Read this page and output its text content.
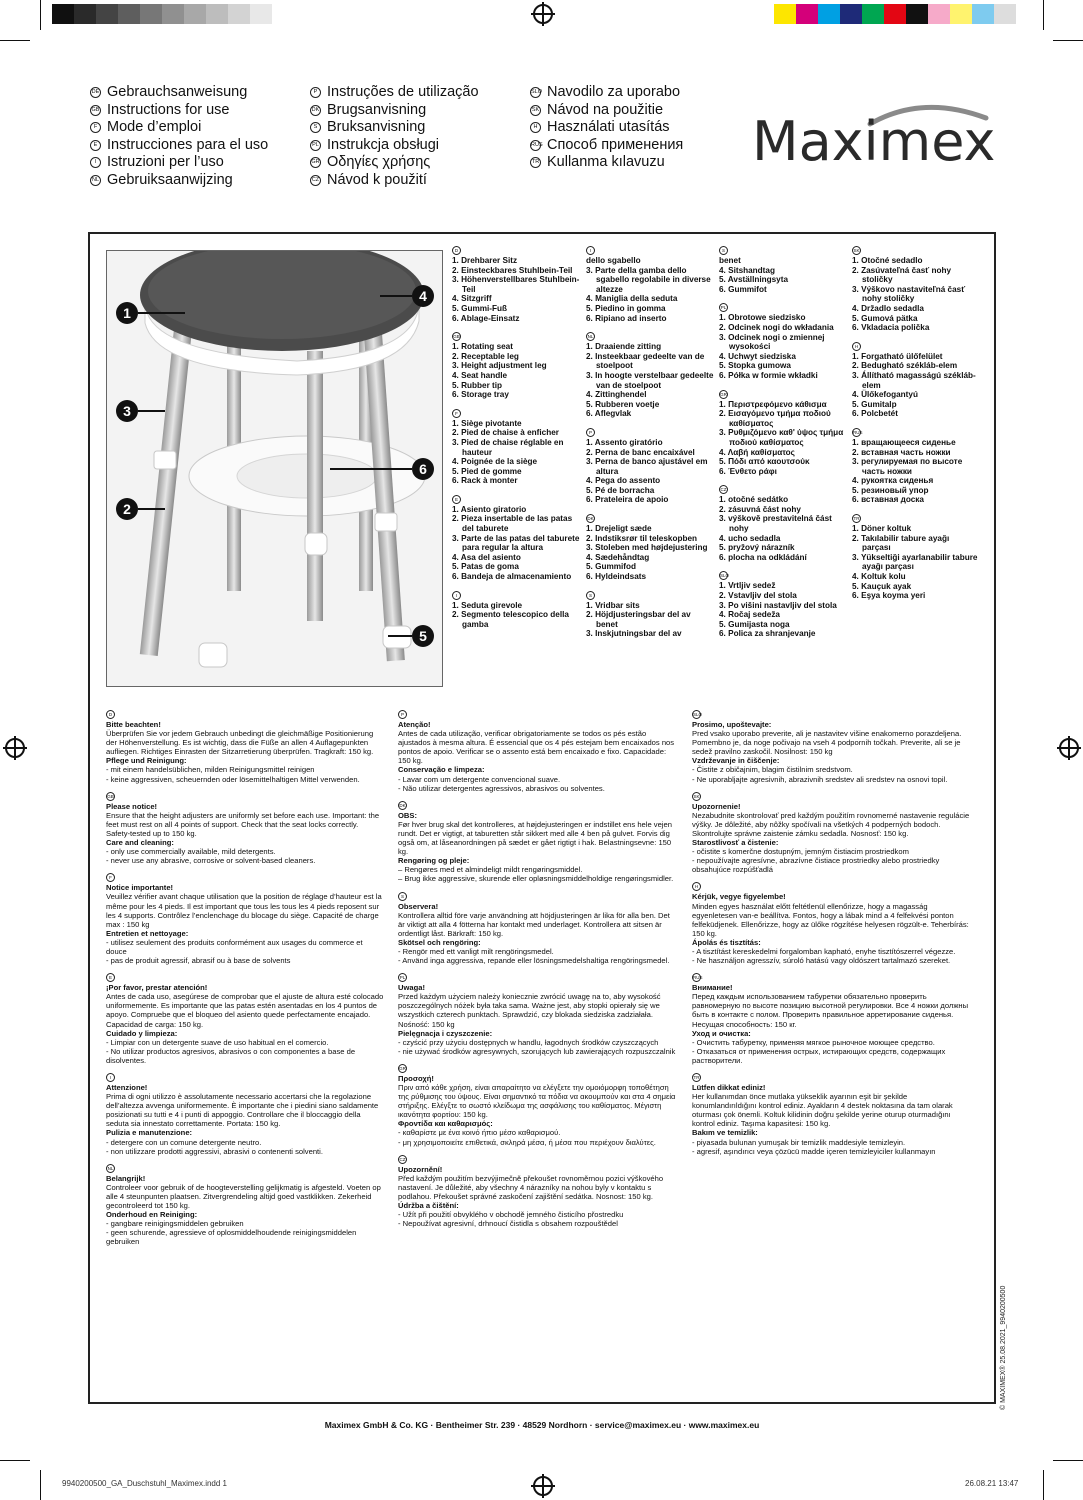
DE Gebrauchsanweisung
GB Instructions for use
F Mode d’emploi
E Instrucciones para el uso
I Istruzioni per l’uso
NL Gebruiksaanwijzing
P Instruções de utilização
DK Brugsanvisning
S Bruksanvisning
PL Instrukcja obsługi
GR Οδηγίες χρήσης
CZ Návod k použití
SLO Navodilo za uporabo
SK Návod na použitie
H Használati utasítás
RUS Способ применения
TR Kullanma kılavuzu Maximex
1
2
3
4
5
6
D
1. Drehbarer Sitz
2. Einsteckbares Stuhlbein-Teil
3. Höhenverstellbares Stuhlbein-Teil
4. Sitzgriff
5. Gummi-Fuß
6. Ablage-Einsatz
GB
1. Rotating seat
2. Receptable leg
3. Height adjustment leg
4. Seat handle
5. Rubber tip
6. Storage tray
F
1. Siège pivotante
2. Pied de chaise à enficher
3. Pied de chaise réglable en hauteur
4. Poignée de la siège
5. Pied de gomme
6. Rack à monter
E
1. Asiento giratorio
2. Pieza insertable de las patas del taburete
3. Parte de las patas del taburete para regular la altura
4. Asa del asiento
5. Patas de goma
6. Bandeja de almacenamiento
I
1. Seduta girevole
2. Segmento telescopico della gamba
I
dello sgabello
3. Parte della gamba dello sgabello regolabile in diverse altezze
4. Maniglia della seduta
5. Piedino in gomma
6. Ripiano ad inserto
NL
1. Draaiende zitting
2. Insteekbaar gedeelte van de stoelpoot
3. In hoogte verstelbaar gedeelte van de stoelpoot
4. Zittinghendel
5. Rubberen voetje
6. Aflegvlak
P
1. Assento giratório
2. Perna de banc encaixável
3. Perna de banco ajustável em altura
4. Pega do assento
5. Pé de borracha
6. Prateleira de apoio
DK
1. Drejeligt sæde
2. Indstiksrør til teleskopben
3. Stoleben med højdejustering
4. Sædehåndtag
5. Gummifod
6. Hyldeindsats
S
1. Vridbar sits
2. Höjdjusteringsbar del av benet
3. Inskjutningsbar del av
S
benet
4. Sitshandtag
5. Avställningsyta
6. Gummifot
PL
1. Obrotowe siedzisko
2. Odcinek nogi do wkładania
3. Odcinek nogi o zmiennej wysokości
4. Uchwyt siedziska
5. Stopka gumowa
6. Półka w formie wkładki
GR
1. Περιστρεφόμενο κάθισμα
2. Εισαγόμενο τμήμα ποδιού καθίσματος
3. Ρυθμιζόμενο καθ' ύψος τμήμα ποδιού καθίσματος
4. Λαβή καθίσματος
5. Πόδι από καουτσούκ
6. Ένθετο ράφι
CZ
1. otočné sedátko
2. zásuvná část nohy
3. výškově prestavitelná část nohy
4. ucho sedadla
5. pryžový nárazník
6. plocha na odkládání
SLO
1. Vrtljiv sedež
2. Vstavljiv del stola
3. Po višini nastavljiv del stola
4. Ročaj sedeža
5. Gumijasta noga
6. Polica za shranjevanje
SK
1. Otočné sedadlo
2. Zasúvateľná časť nohy stoličky
3. Výškovo nastaviteľná časť nohy stoličky
4. Držadlo sedadla
5. Gumová pätka
6. Vkladacia polička
H
1. Forgatható ülőfelület
2. Bedugható székláb-elem
3. Állítható magasságú székláb-elem
4. Ülőkefogantyú
5. Gumitalp
6. Polcbetét
RUS
1. вращающееся сиденье
2. вставная часть ножки
3. регулируемая по высоте часть ножки
4. рукоятка сиденья
5. резиновый упор
6. вставная доска
TR
1. Döner koltuk
2. Takılabilir tabure ayağı parçası
3. Yükseltiği ayarlanabilir tabure ayağı parçası
4. Koltuk kolu
5. Kauçuk ayak
6. Eşya koyma yeri
D
Bitte beachten!
Überprüfen Sie vor jedem Gebrauch unbedingt die gleichmäßige Positionierung der Höhenverstellung. Es ist wichtig, dass die Füße an allen 4 Auflagepunkten aufliegen. Richtiges Einrasten der Sitzarretierung überprüfen. Tragkraft: 150 kg.
Pflege und Reinigung:
- mit einem handelsüblichen, milden Reinigungsmittel reinigen
- keine aggressiven, scheuernden oder lösemittelhaltigen Mittel verwenden.
GB
Please notice!
Ensure that the height adjusters are uniformly set before each use. Important: the feet must rest on all 4 points of support. Check that the seat locks correctly. Safety-tested up to 150 kg.
Care and cleaning:
- only use commercially available, mild detergents.
- never use any abrasive, corrosive or solvent-based cleaners.
F
Notice importante!
Veuillez vérifier avant chaque utilisation que la position de réglage d’hauteur est la même pour les 4 pieds. Il est important que tous les tous les 4 pieds reposent sur les 4 supports. Contrôlez l’enclenchage du blocage du siège. Capacité de charge max : 150 kg
Entretien et nettoyage:
- utilisez seulement des produits conformément aux usages du commerce et douce
- pas de produit agressif, abrasif ou à base de solvents
E
¡Por favor, prestar atención!
Antes de cada uso, asegúrese de comprobar que el ajuste de altura esté colocado uniformemente. Es importante que las patas estén asentadas en los 4 puntos de apoyo. Compruebe que el bloqueo del asiento quede perfectamente encajado. Capacidad de carga: 150 kg.
Cuidado y limpieza:
- Limpiar con un detergente suave de uso habitual en el comercio.
- No utilizar productos agresivos, abrasivos o con componentes a base de disolventes.
I
Attenzione!
Prima di ogni utilizzo è assolutamente necessario accertarsi che la regolazione dell’altezza avvenga uniformemente. È importante che i piedini siano saldamente posizionati su tutti e 4 i punti di appoggio. Controllare che il bloccaggio della seduta sia innestato correttamente. Portata: 150 kg.
Pulizia e manutenzione:
- detergere con un comune detergente neutro.
- non utilizzare prodotti aggressivi, abrasivi o contenenti solventi.
NL
Belangrijk!
Controleer voor gebruik of de hoogteverstelling gelijkmatig is afgesteld. Voeten op alle 4 steunpunten plaatsen. Zitvergrendeling altijd goed vastklikken. Zekerheid gecontroleerd tot 150 kg.
Onderhoud en Reiniging:
- gangbare reinigingsmiddelen gebruiken
- geen schurende, agressieve of oplosmiddelhoudende reinigingsmiddelen gebruiken
P
Atenção!
Antes de cada utilização, verificar obrigatoriamente se todos os pés estão ajustados à mesma altura. É essencial que os 4 pés estejam bem encaixados nos pontos de apoio. Verificar se o assento está bem encaixado e fixo. Capacidade: 150 kg.
Conservação e limpeza:
- Lavar com um detergente convencional suave.
- Não utilizar detergentes agressivos, abrasivos ou solventes.
DK
OBS:
Før hver brug skal det kontrolleres, at højdejusteringen er indstillet ens hele vejen rundt. Det er vigtigt, at taburetten står sikkert med alle 4 ben på gulvet. Forvis dig også om, at låseanordningen på sædet er gået rigtigt i hak. Belastningsevne: 150 kg.
Rengøring og pleje:
– Rengøres med et almindeligt mildt rengøringsmiddel.
– Brug ikke aggressive, skurende eller opløsningsmiddelholdige rengøringsmidler.
S
Observera!
Kontrollera alltid före varje användning att höjdjusteringen är lika för alla ben. Det är viktigt att alla 4 fötterna har kontakt med underlaget. Kontrollera att sitsen är ordentligt låst. Bärkraft: 150 kg.
Skötsel och rengöring:
- Rengör med ett vanligt milt rengöringsmedel.
- Använd inga aggressiva, repande eller lösningsmedelshaltiga rengöringsmedel.
PL
Uwaga!
Przed każdym użyciem należy koniecznie zwrócić uwagę na to, aby wysokość poszczególnych nóżek była taka sama. Ważne jest, aby stopki opierały się we wszystkich czterech punktach. Sprawdzić, czy blokada siedziska zadziałała. Nośność: 150 kg
Pielęgnacja i czyszczenie:
- czyścić przy użyciu dostępnych w handlu, łagodnych środków czyszczących
- nie używać środków agresywnych, szorujących lub zawierających rozpuszczalnik
GR
Προσοχή!
Πριν από κάθε χρήση, είναι απαραίτητο να ελέγξετε την ομοιόμορφη τοποθέτηση της ρύθμισης του ύψους. Είναι σημαντικό τα πόδια να ακουμπούν και στα 4 σημεία στήριξης. Ελέγξτε το σωστό κλείδωμα της ασφάλισης του καθίσματος. Μέγιστη ικανότητα φορτίου: 150 kg.
Φροντίδα και καθαρισμός:
- καθαρίστε με ένα κοινό ήπιο μέσο καθαρισμού.
- μη χρησιμοποιείτε επιθετικά, σκληρά μέσα, ή μέσα που περιέχουν διαλύτες.
CZ
Upozornění!
Před každým použitím bezvýjimečně překoušet rovnoměrnou pozici výškového nastavení. Je důležité, aby všechny 4 nárazníky na nohou byly v kontaktu s podlahou. Překoušet správné zaskočení zajištění sedátka. Nosnost: 150 kg.
Údržba a čištění:
- Užít při použití obvyklého v obchodě jemného čisticího přostredku
- Nepoužívat agresivní, drhnoucí čistidla s obsahem rozpouštědel
SLO
Prosimo, upoštevajte:
Pred vsako uporabo preverite, ali je nastavitev višine enakomerno porazdeljena. Pomembno je, da noge počivajo na vseh 4 podpornih točkah. Preverite, ali se je sedež pravilno zaskočil. Nosilnost: 150 kg
Vzdrževanje in čiščenje:
- Čistite z običajnim, blagim čistilnim sredstvom.
- Ne uporabljajte agresivnih, abrazivnih sredstev ali sredstev na osnovi topil.
SK
Upozornenie!
Nezabudnite skontrolovať pred každým použitím rovnomerné nastavenie regulácie výšky. Je dôležité, aby nôžky spočívali na všetkých 4 podperných bodoch. Skontrolujte správne zaistenie zámku sedadla. Nosnosť: 150 kg.
Starostlivosť a čistenie:
- očistite s komerčne dostupným, jemným čistiacim prostriedkom
- nepoužívajte agresívne, abrazívne čistiace prostriedky alebo prostriedky obsahujúce rozpúšťadlá
H
Kérjük, vegye figyelembe!
Minden egyes használat előtt feltétlenül ellenőrizze, hogy a magasság egyenletesen van-e beállítva. Fontos, hogy a lábak mind a 4 felfekvési ponton felfeküdjenek. Ellenőrizze, hogy az ülőke rögzítése helyesen rögzült-e. Teherbírás: 150 kg.
Ápolás és tisztítás:
- A tisztítást kereskedelmi forgalomban kapható, enyhe tisztítószerrel végezze.
- Ne használjon agresszív, súroló hatású vagy oldószert tartalmazó szereket.
RUS
Внимание!
Перед каждым использованием табуретки обязательно проверить равномерную по высоте позицию высотной регулировки. Все 4 ножки должны быть в контакте с полом. Проверить правильное арретирование сиденья. Несущая способность: 150 кг.
Уход и очистка:
- Очистить табуретку, применяя мягкое рыночное моющее средство.
- Отказаться от применения острых, истирающих средств, содержащих растворители.
TR
Lütfen dikkat ediniz!
Her kullanımdan önce mutlaka yükseklik ayarının eşit bir şekilde konumlandırıldığını kontrol ediniz. Ayakların 4 destek noktasına da tam olarak oturması çok önemli. Koltuk kilidinin doğru şekilde yerine oturup oturmadığını kontrol ediniz. Taşıma kapasitesi: 150 kg.
Bakım ve temizlik:
- piyasada bulunan yumuşak bir temizlik maddesiyle temizleyin.
- agresif, aşındırıcı veya çözücü madde içeren temizleyiciler kullanmayın
Maximex GmbH & Co. KG · Bentheimer Str. 239 · 48529 Nordhorn · service@maximex.eu · www.maximex.eu
© MAXIMEX® 25.08.2021_9940200500
9940200500_GA_Duschstuhl_Maximex.indd 1	26.08.21 13:47
